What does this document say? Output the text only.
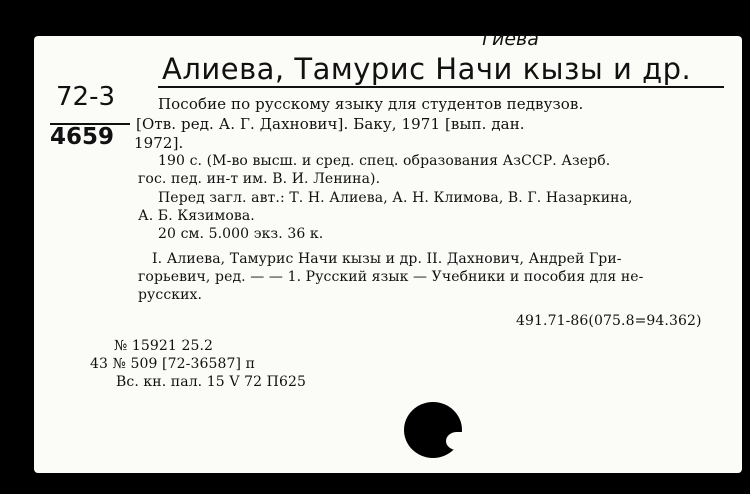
72-3
4659
гиева
Алиева, Тамурис Начи кызы и др.
Пособие по русскому языку для студентов педвузов.
[Отв. ред. А. Г. Дахнович]. Баку, 1971 [вып. дан.
1972].
190 с. (М-во высш. и сред. спец. образования АзССР. Азерб.
гос. пед. ин-т им. В. И. Ленина).
Перед загл. авт.: Т. Н. Алиева, А. Н. Климова, В. Г. Назаркина,
А. Б. Кязимова.
20 см. 5.000 экз. 36 к.
I. Алиева, Тамурис Начи кызы и др. II. Дахнович, Андрей Гри-
горьевич, ред. — — 1. Русский язык — Учебники и пособия для не-
русских.
491.71-86(075.8=94.362)
№ 15921 25.2
43 № 509 [72-36587] п
Вс. кн. пал. 15 V 72 П625
